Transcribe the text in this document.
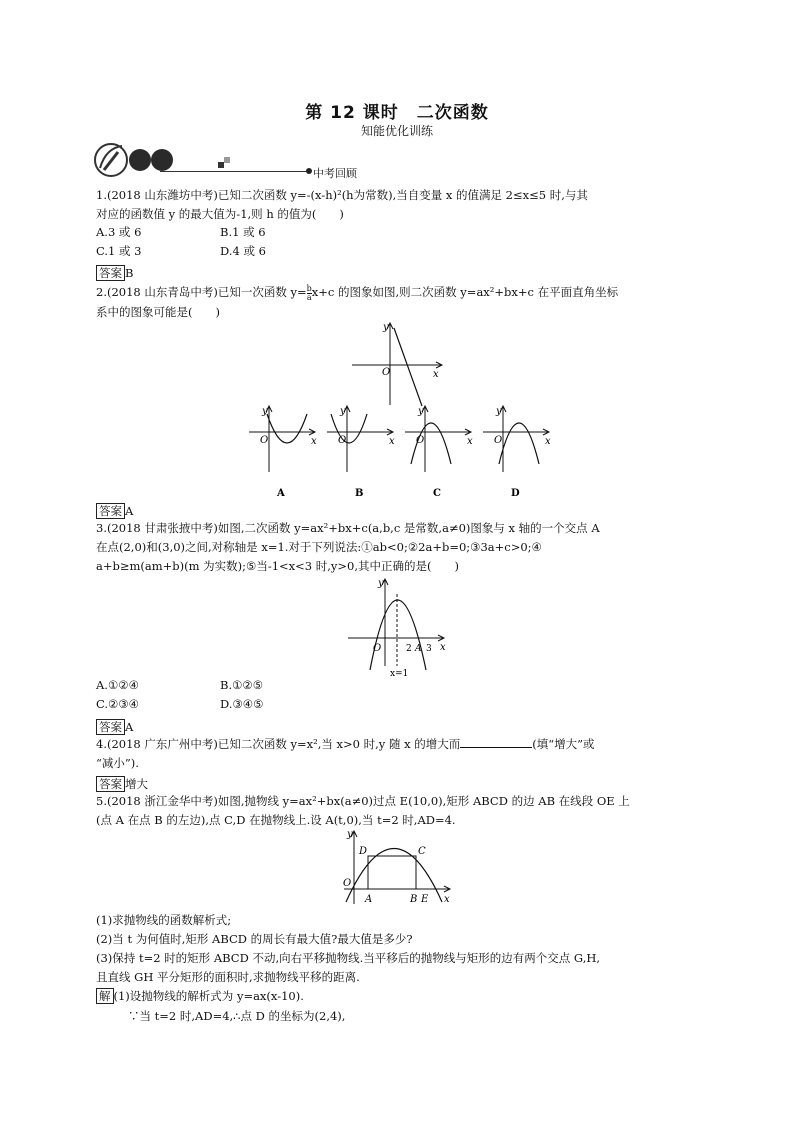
第 12 课时　二次函数
知能优化训练
中考回顾
1.(2018 山东潍坊中考)已知二次函数 y=-(x-h)²(h为常数),当自变量 x 的值满足 2≤x≤5 时,与其
对应的函数值 y 的最大值为-1,则 h 的值为(　　)
A.3 或 6	B.1 或 6
C.1 或 3	D.4 或 6
答案 B
2.(2018 山东青岛中考)已知一次函数 $y= \frac{b}{a} x+c$ 的图象如图,则二次函数 y=ax²+bx+c 在平面直角坐标
系中的图象可能是(　　)
y
O	x
y
O	x
A
y
O	x
B
y
O	x
C
y
O	x
D
答案 A
3.(2018 甘肃张掖中考)如图,二次函数 y=ax²+bx+c(a,b,c 是常数,a≠0)图象与 x 轴的一个交点 A
在点(2,0)和(3,0)之间,对称轴是 x=1.对于下列说法:①ab<0;②2a+b=0;③3a+c>0;④
a+b≥m(am+b)(m 为实数);⑤当-1<x<3 时,y>0,其中正确的是(　　)
y
O	2 A 3 x
x=1
A.①②④	B.①②⑤
C.②③④	D.③④⑤
答案 A
4.(2018 广东广州中考)已知二次函数 y=x²,当 x>0 时,y 随 x 的增大而	(填“增大”或
“减小”).
答案 增大
5.(2018 浙江金华中考)如图,抛物线 y=ax²+bx(a≠0)过点 E(10,0),矩形 ABCD 的边 AB 在线段 OE 上
(点 A 在点 B 的左边),点 C,D 在抛物线上.设 A(t,0),当 t=2 时,AD=4.
y
O
A	B E
C
D
x
(1)求抛物线的函数解析式;
(2)当 t 为何值时,矩形 ABCD 的周长有最大值?最大值是多少?
(3)保持 t=2 时的矩形 ABCD 不动,向右平移抛物线.当平移后的抛物线与矩形的边有两个交点 G,H,
且直线 GH 平分矩形的面积时,求抛物线平移的距离.
解 (1)设抛物线的解析式为 y=ax(x-10).
∵当 t=2 时,AD=4,∴点 D 的坐标为(2,4),
